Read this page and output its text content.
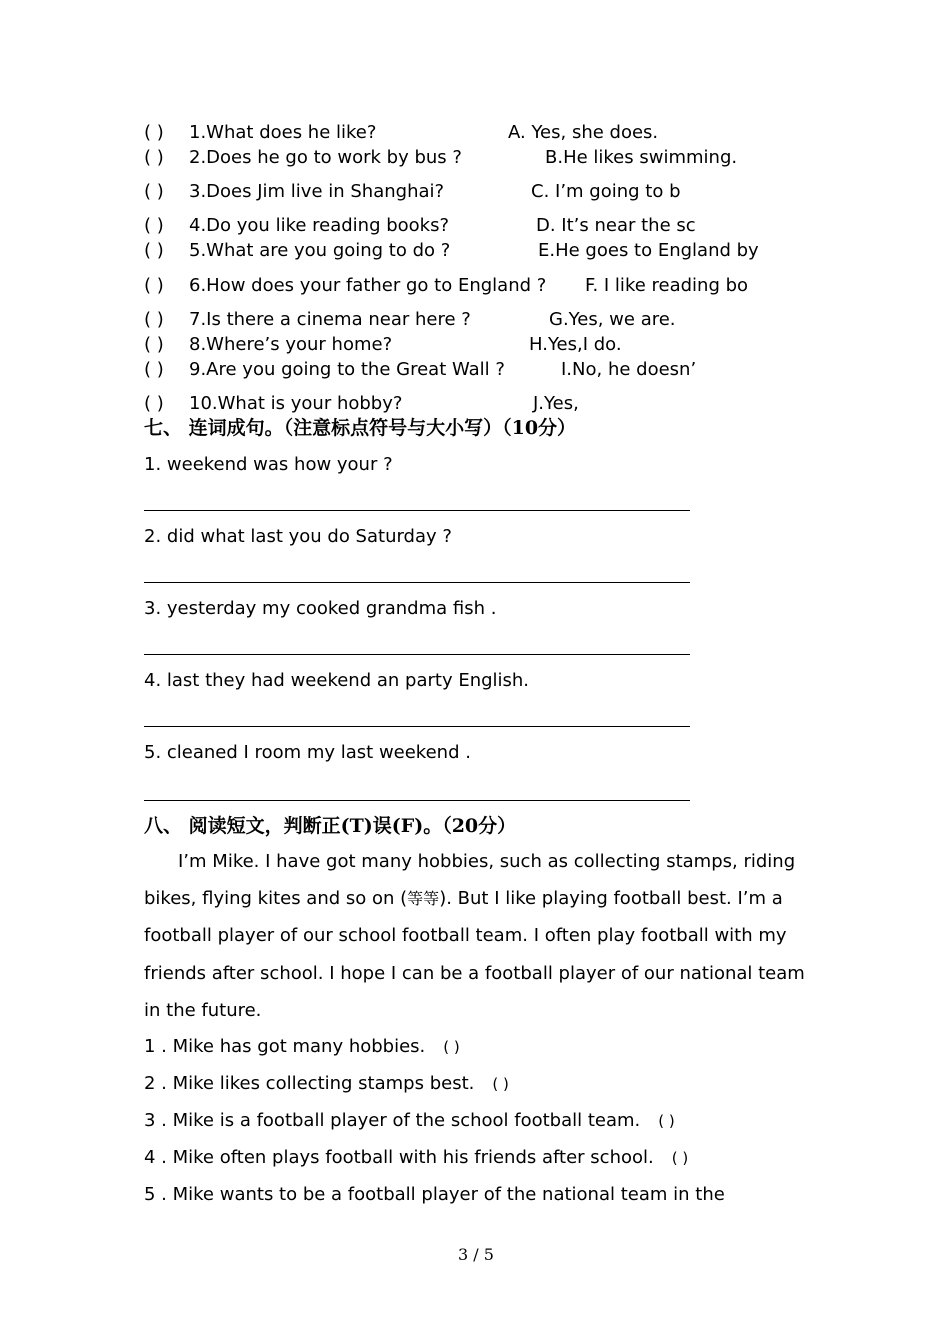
( ) 1.What does he like?	A. Yes, she does.
( ) 2.Does he go to work by bus ?	B.He likes swimming.
( ) 3.Does Jim live in Shanghai?	C. I’m going to b
( ) 4.Do you like reading books?	D. It’s near the sc
( ) 5.What are you going to do ?	E.He goes to England by
( ) 6.How does your father go to England ? F. I like reading bo
( ) 7.Is there a cinema near here ?	G.Yes, we are.
( ) 8.Where’s your home?	H.Yes,I do.
( ) 9.Are you going to the Great Wall ?	I.No, he doesn’
( ) 10.What is your hobby?	J.Yes,
七、 连词成句。（注意标点符号与大小写）（10分）
1. weekend was how your ?
2. did what last you do Saturday ?
3. yesterday my cooked grandma fish .
4. last they had weekend an party English.
5. cleaned I room my last weekend .
八、 阅读短文，判断正(T)误(F)。（20分）
I’m Mike. I have got many hobbies, such as collecting stamps, riding bikes, flying kites and so on (等等). But I like playing football best. I’m a football player of our school football team. I often play football with my friends after school. I hope I can be a football player of our national team in the future.
1 . Mike has got many hobbies. ( )
2 . Mike likes collecting stamps best. ( )
3 . Mike is a football player of the school football team. ( )
4 . Mike often plays football with his friends after school. ( )
5 . Mike wants to be a football player of the national team in the
3 / 5
